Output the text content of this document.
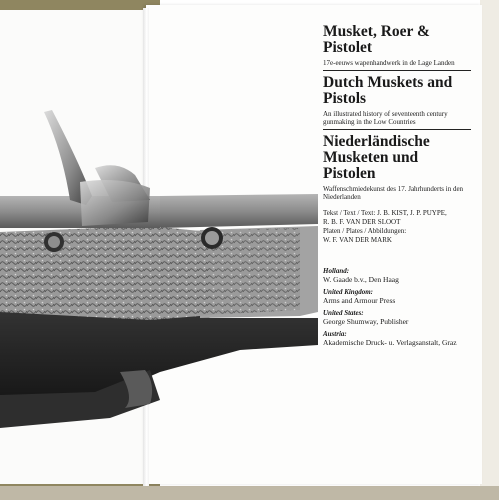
Musket, Roer & Pistolet

17e-eeuws wapenhandwerk in de Lage Landen

Dutch Muskets and Pistols

An illustrated history of seventeenth century gunmaking in the Low Countries

Niederländische Musketen und Pistolen

Waffenschmiedekunst des 17. Jahrhunderts in den Niederlanden

Tekst / Text / Text: J. B. KIST, J. P. PUYPE,
R. B. F. VAN DER SLOOT
Platen / Plates / Abbildungen:
W. F. VAN DER MARK
Holland:
W. Gaade b.v., Den Haag
United Kingdom:
Arms and Armour Press
United States:
George Shumway, Publisher
Austria:
Akademische Druck- u. Verlagsanstalt, Graz
